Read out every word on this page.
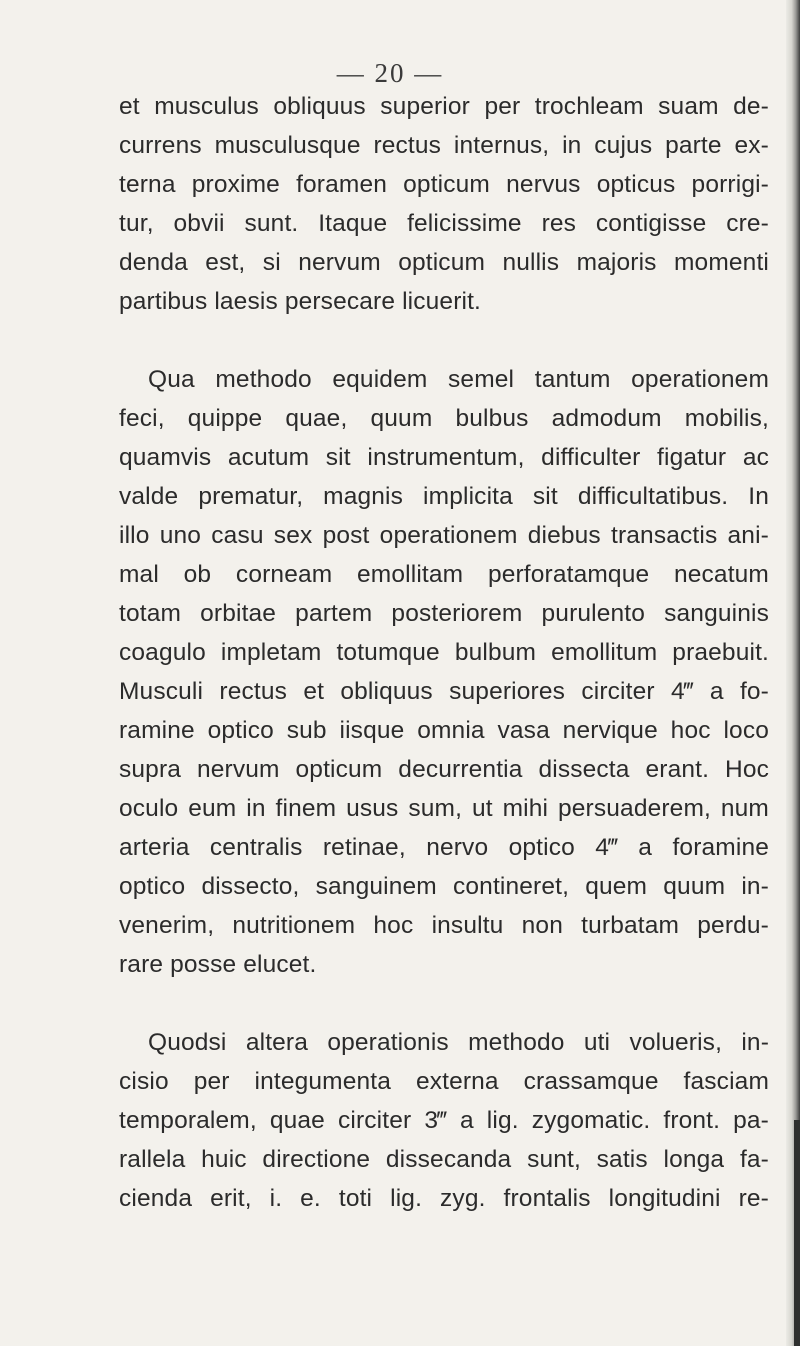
— 20 —
et musculus obliquus superior per trochleam suam de-
currens musculusque rectus internus, in cujus parte ex-
terna proxime foramen opticum nervus opticus porrigi-
tur, obvii sunt. Itaque felicissime res contigisse cre-
denda est, si nervum opticum nullis majoris momenti
partibus laesis persecare licuerit.
Qua methodo equidem semel tantum operationem
feci, quippe quae, quum bulbus admodum mobilis,
quamvis acutum sit instrumentum, difficulter figatur ac
valde prematur, magnis implicita sit difficultatibus. In
illo uno casu sex post operationem diebus transactis ani-
mal ob corneam emollitam perforatamque necatum
totam orbitae partem posteriorem purulento sanguinis
coagulo impletam totumque bulbum emollitum praebuit.
Musculi rectus et obliquus superiores circiter 4‴ a fo-
ramine optico sub iisque omnia vasa nervique hoc loco
supra nervum opticum decurrentia dissecta erant. Hoc
oculo eum in finem usus sum, ut mihi persuaderem, num
arteria centralis retinae, nervo optico 4‴ a foramine
optico dissecto, sanguinem contineret, quem quum in-
venerim, nutritionem hoc insultu non turbatam perdu-
rare posse elucet.
Quodsi altera operationis methodo uti volueris, in-
cisio per integumenta externa crassamque fasciam
temporalem, quae circiter 3‴ a lig. zygomatic. front. pa-
rallela huic directione dissecanda sunt, satis longa fa-
cienda erit, i. e. toti lig. zyg. frontalis longitudini re-
